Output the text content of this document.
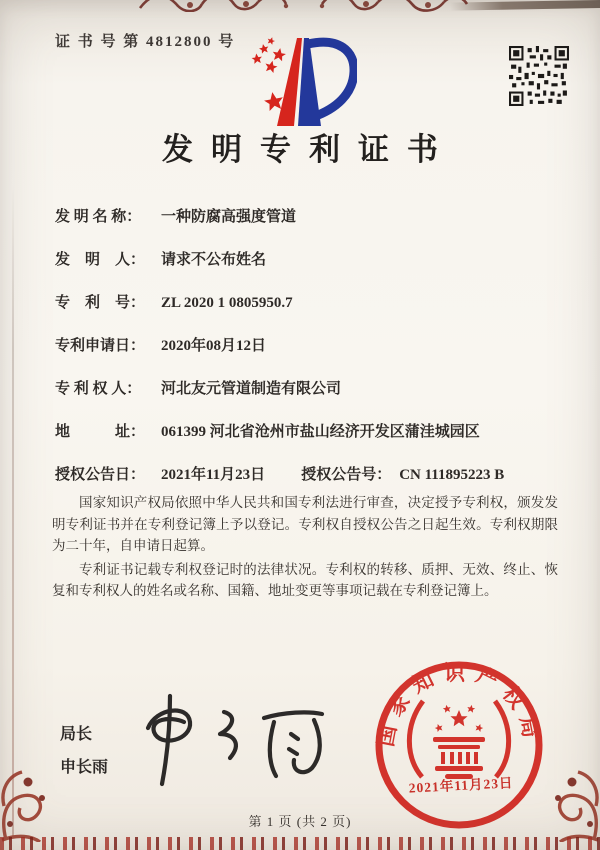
证 书 号 第 4812800 号
发明专利证书
发 明 名 称：	一种防腐高强度管道
发　明　人：	请求不公布姓名
专　利　号：	ZL 2020 1 0805950.7
专利申请日：	2020年08月12日
专 利 权 人：	河北友元管道制造有限公司
地　　　址：	061399 河北省沧州市盐山经济开发区蒲洼城园区
授权公告日：	2021年11月23日 授权公告号： CN 111895223 B

国家知识产权局依照中华人民共和国专利法进行审查，决定授予专利权，颁发发明专利证书并在专利登记簿上予以登记。专利权自授权公告之日起生效。专利权期限为二十年，自申请日起算。

专利证书记载专利权登记时的法律状况。专利权的转移、质押、无效、终止、恢复和专利权人的姓名或名称、国籍、地址变更等事项记载在专利登记簿上。

局长
申长雨
国家知识产权局
2021年11月23日
第 1 页 (共 2 页)
